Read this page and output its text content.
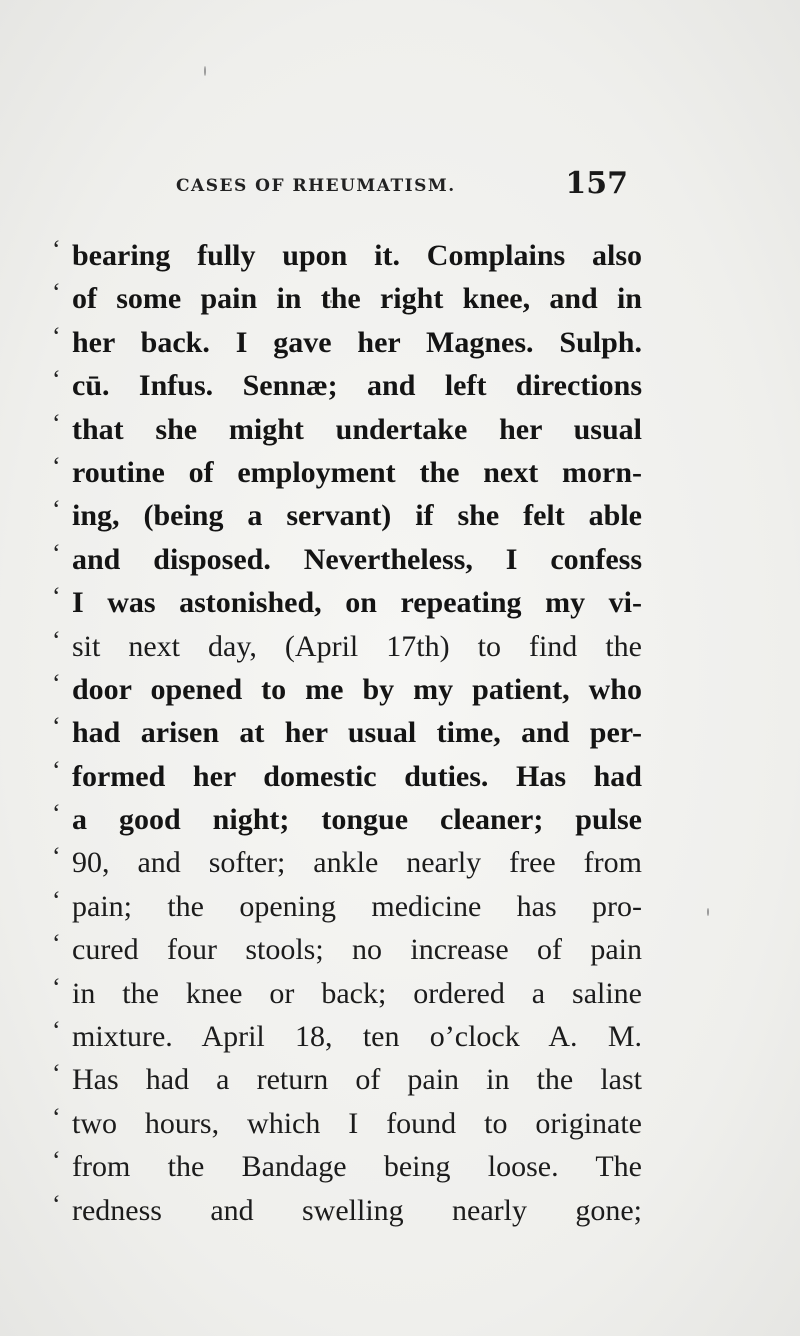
CASES OF RHEUMATISM.	157
‘ bearing fully upon it. Complains also
‘ of some pain in the right knee, and in
‘ her back. I gave her Magnes. Sulph.
‘ cū. Infus. Sennæ; and left directions
‘ that she might undertake her usual
‘ routine of employment the next morn-
‘ ing, (being a servant) if she felt able
‘ and disposed. Nevertheless, I confess
‘ I was astonished, on repeating my vi-
‘ sit next day, (April 17th) to find the
‘ door opened to me by my patient, who
‘ had arisen at her usual time, and per-
‘ formed her domestic duties. Has had
‘ a good night; tongue cleaner; pulse
‘ 90, and softer; ankle nearly free from
‘ pain; the opening medicine has pro-
‘ cured four stools; no increase of pain
‘ in the knee or back; ordered a saline
‘ mixture. April 18, ten o’clock A. M.
‘ Has had a return of pain in the last
‘ two hours, which I found to originate
‘ from the Bandage being loose. The
‘ redness and swelling nearly gone;
